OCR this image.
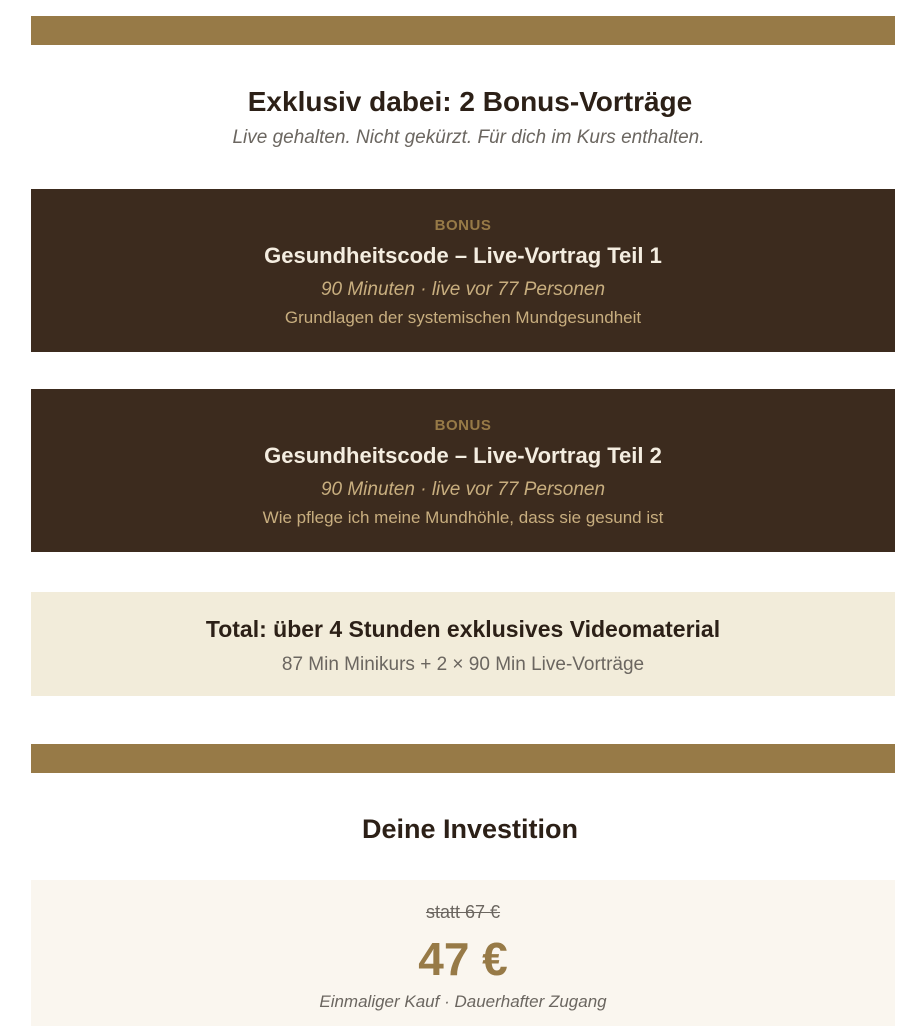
Exklusiv dabei: 2 Bonus-Vorträge

Live gehalten. Nicht gekürzt. Für dich im Kurs enthalten.

BONUS
Gesundheitscode – Live-Vortrag Teil 1
90 Minuten · live vor 77 Personen
Grundlagen der systemischen Mundgesundheit
BONUS
Gesundheitscode – Live-Vortrag Teil 2
90 Minuten · live vor 77 Personen
Wie pflege ich meine Mundhöhle, dass sie gesund ist
Total: über 4 Stunden exklusives Videomaterial
87 Min Minikurs + 2 × 90 Min Live-Vorträge
Deine Investition
statt 67 €
47 €
Einmaliger Kauf · Dauerhafter Zugang
